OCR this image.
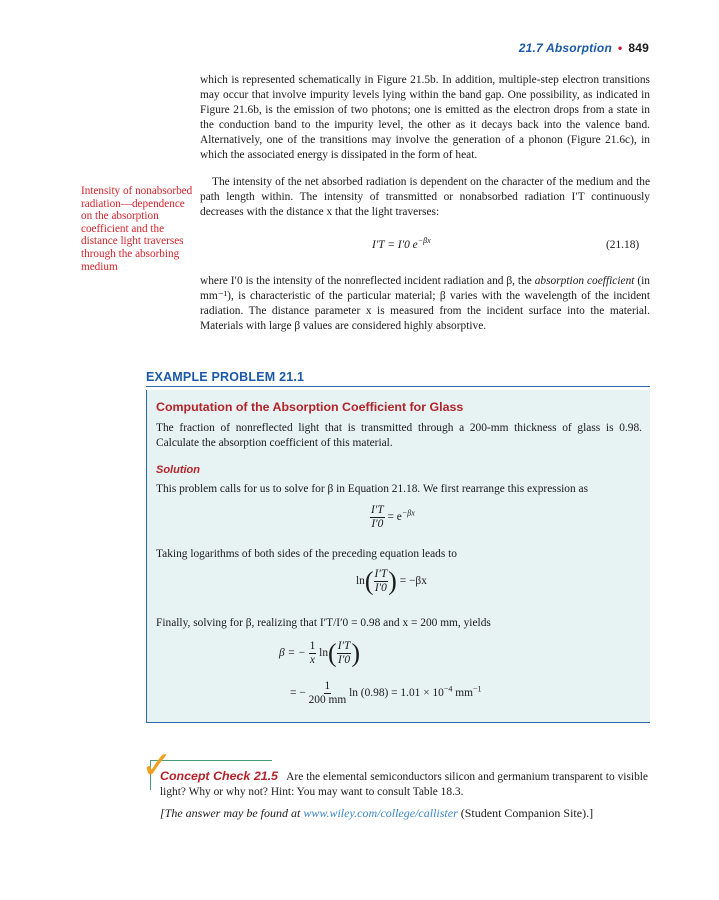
21.7 Absorption • 849
which is represented schematically in Figure 21.5b. In addition, multiple-step electron transitions may occur that involve impurity levels lying within the band gap. One possibility, as indicated in Figure 21.6b, is the emission of two photons; one is emitted as the electron drops from a state in the conduction band to the impurity level, the other as it decays back into the valence band. Alternatively, one of the transitions may involve the generation of a phonon (Figure 21.6c), in which the associated energy is dissipated in the form of heat.
The intensity of the net absorbed radiation is dependent on the character of the medium and the path length within. The intensity of transmitted or nonabsorbed radiation I′T continuously decreases with the distance x that the light traverses:
Intensity of nonabsorbed radiation—dependence on the absorption coefficient and the distance light traverses through the absorbing medium
I′T = I′0 $e^{-\beta x}$	(21.18)
where I′0 is the intensity of the nonreflected incident radiation and β, the absorption coefficient (in mm⁻¹), is characteristic of the particular material; β varies with the wavelength of the incident radiation. The distance parameter x is measured from the incident surface into the material. Materials with large β values are considered highly absorptive.
EXAMPLE PROBLEM 21.1
Computation of the Absorption Coefficient for Glass
The fraction of nonreflected light that is transmitted through a 200-mm thickness of glass is 0.98. Calculate the absorption coefficient of this material.
Solution
This problem calls for us to solve for β in Equation 21.18. We first rearrange this expression as
$\frac{I'T}{I'0} = e^{-\beta x}$
Taking logarithms of both sides of the preceding equation leads to
$\ln( \frac{I'T}{I'0}$ ) = −βx
Finally, solving for β, realizing that I′T/I′0 = 0.98 and x = 200 mm, yields
β = − $\frac{1}{x} \ln( \frac{I'T}{I'0}$ )
= − $\frac{1}{200 mm}$ $\ln (0.98) = 1.01 \times 10^{-4}$ $mm^{-1}$
✓
Concept Check 21.5 Are the elemental semiconductors silicon and germanium transparent to visible light? Why or why not? Hint: You may want to consult Table 18.3.
[The answer may be found at www.wiley.com/college/callister (Student Companion Site).]
